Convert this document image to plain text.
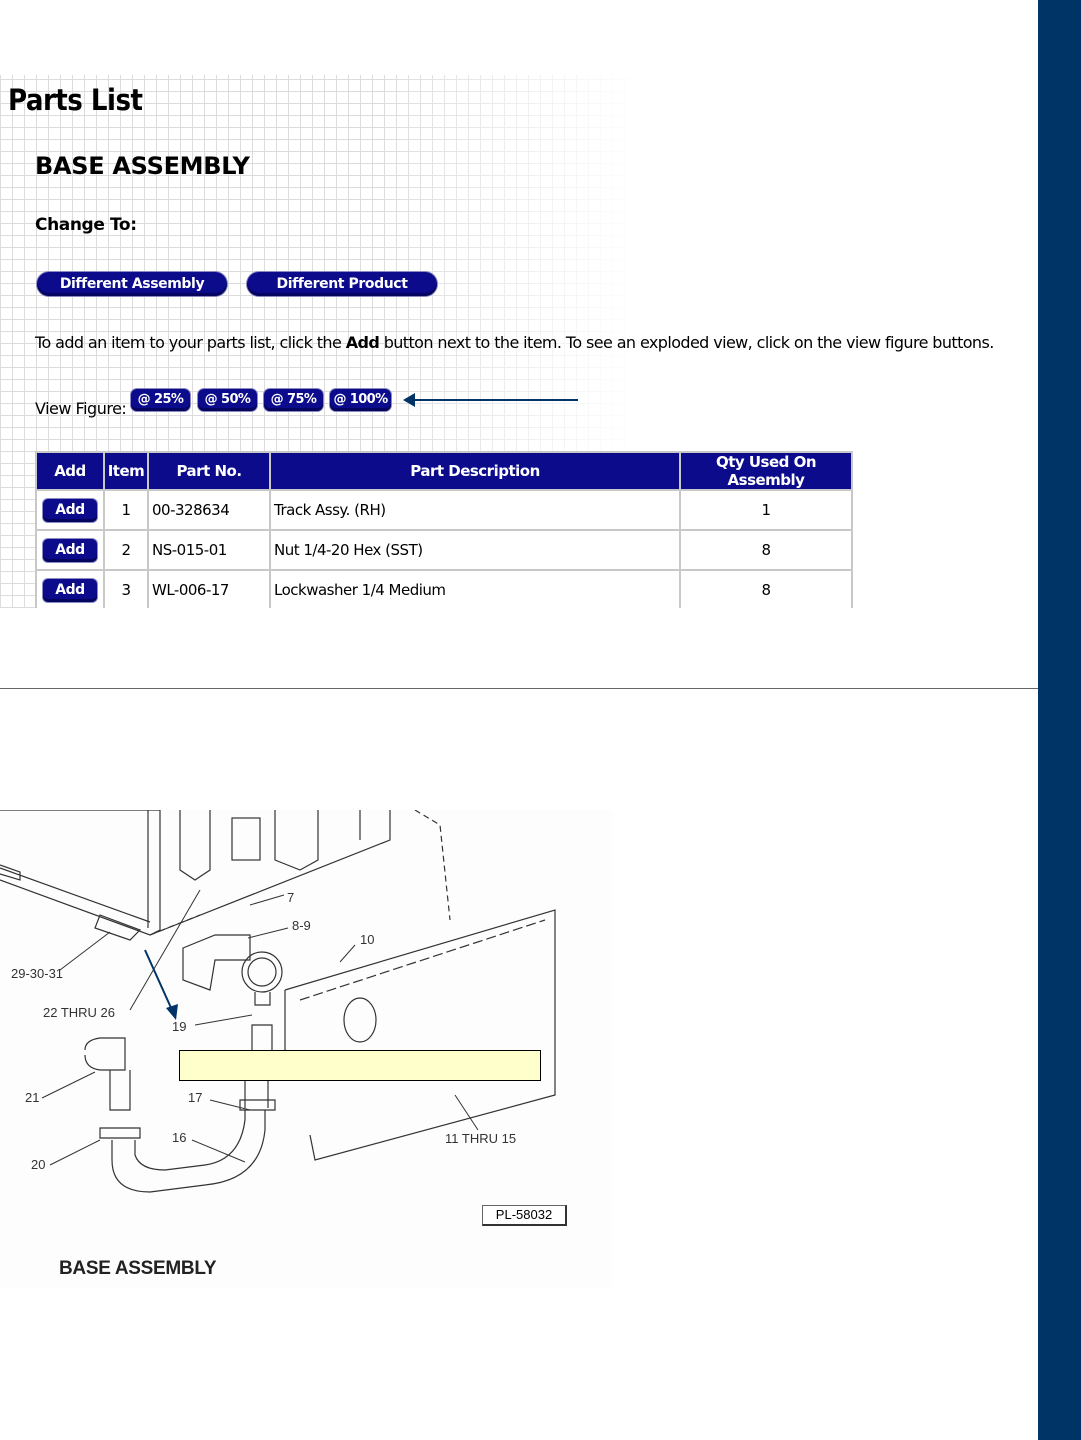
Parts List
BASE ASSEMBLY
Change To:
Different Assembly	Different Product
To add an item to your parts list, click the Add button next to the item. To see an exploded view, click on the view figure buttons.
View Figure: @ 25%	@ 50%	@ 75%	@ 100%
Add	Item	Part No.	Part Description	Qty Used On Assembly
Add	1	00-328634	Track Assy. (RH)	1
Add	2	NS-015-01	Nut 1/4-20 Hex (SST)	8
Add	3	WL-006-17	Lockwasher 1/4 Medium	8

7
8-9
10
29-30-31
22 THRU 26
19
21	17
16
20
11 THRU 15
PL-58032
BASE ASSEMBLY
